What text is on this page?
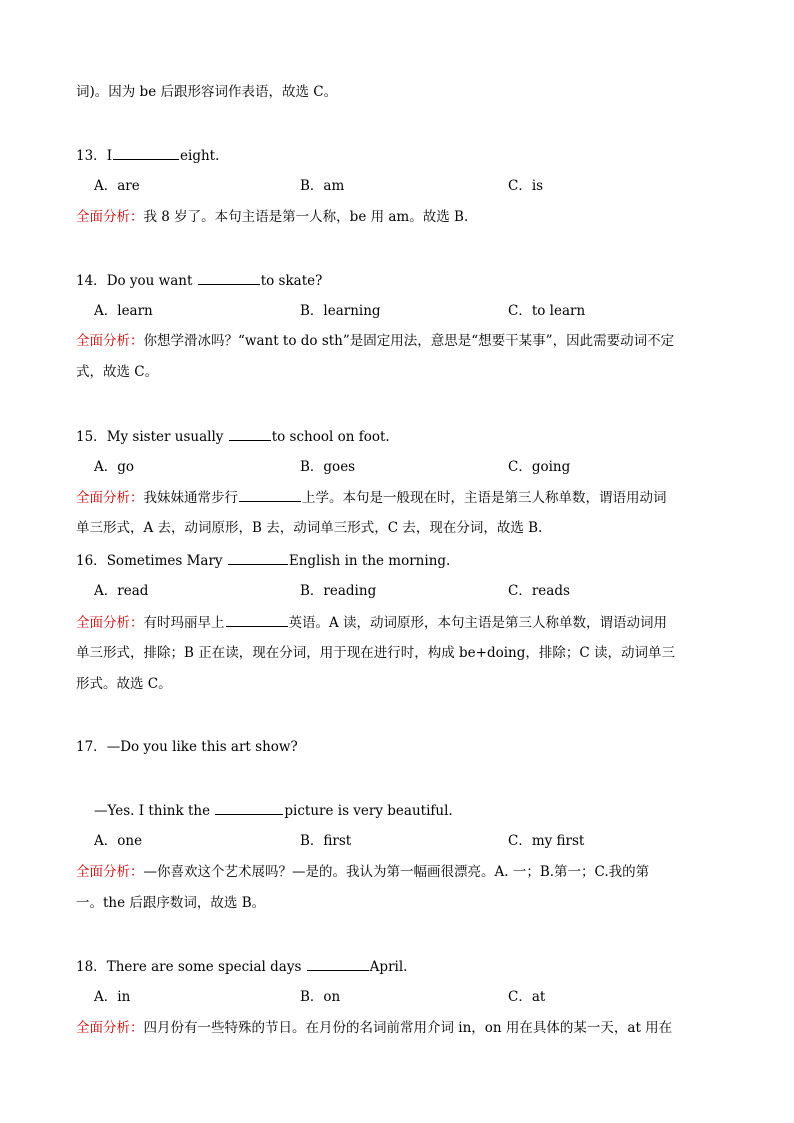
词)。因为 be 后跟形容词作表语，故选 C。
13．I	eight.
A．are	B．am	C．is
全面分析：我 8 岁了。本句主语是第一人称，be 用 am。故选 B.
14．Do you want	to skate?
A．learn	B．learning	C．to learn
全面分析：你想学滑冰吗？“want to do sth”是固定用法，意思是“想要干某事”，因此需要动词不定
式，故选 C。
15．My sister usually	to school on foot.
A．go	B．goes	C．going
全面分析：我妹妹通常步行	上学。本句是一般现在时，主语是第三人称单数，谓语用动词
单三形式，A 去，动词原形，B 去，动词单三形式，C 去，现在分词，故选 B.
16．Sometimes Mary	English in the morning.
A．read	B．reading	C．reads
全面分析：有时玛丽早上	英语。A 读，动词原形，本句主语是第三人称单数，谓语动词用
单三形式，排除；B 正在读，现在分词，用于现在进行时，构成 be+doing，排除；C 读，动词单三
形式。故选 C。
17．—Do you like this art show?
—Yes. I think the	picture is very beautiful.
A．one	B．first	C．my first
全面分析：—你喜欢这个艺术展吗？—是的。我认为第一幅画很漂亮。A. 一；B.第一；C.我的第
一。the 后跟序数词，故选 B。
18．There are some special days	April.
A．in	B．on	C．at
全面分析：四月份有一些特殊的节日。在月份的名词前常用介词 in，on 用在具体的某一天，at 用在
